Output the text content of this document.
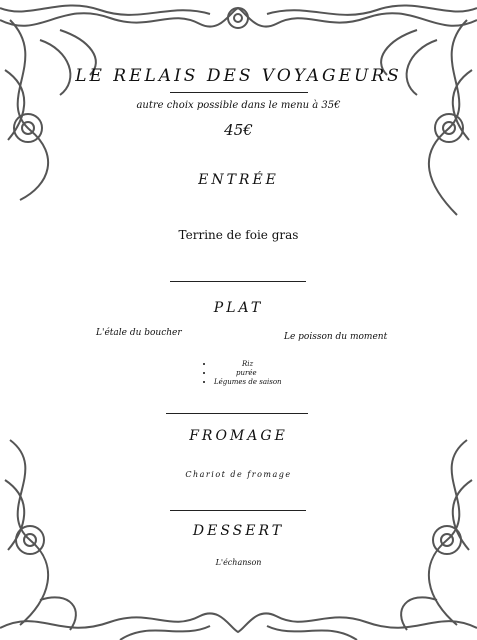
LE RELAIS DES VOYAGEURS
autre choix possible dans le menu à 35€
45€
ENTRÉE
Terrine de foie gras
PLAT
L'étale du boucher	Le poisson du moment
• Riz
• purée
• Légumes de saison
FROMAGE
Chariot de fromage
DESSERT
L'échanson
